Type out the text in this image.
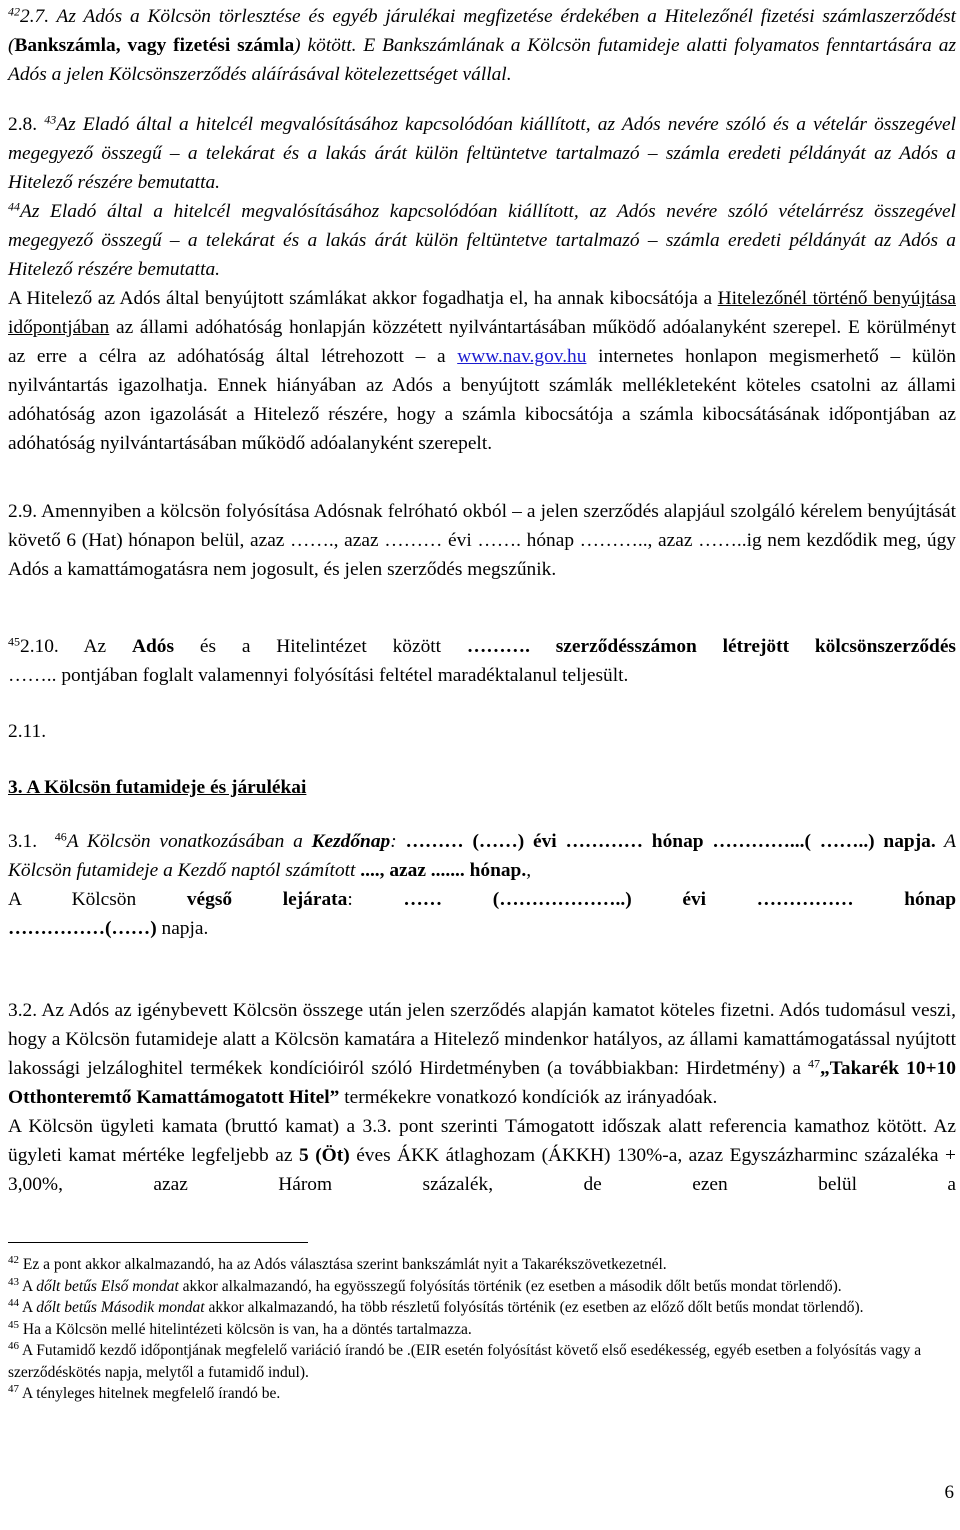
$^{42}$2.7. Az Adós a Kölcsön törlesztése és egyéb járulékai megfizetése érdekében a Hitelezőnél fizetési számlaszerződést (Bankszámla, vagy fizetési számla) kötött. E Bankszámlának a Kölcsön futamideje alatti folyamatos fenntartására az Adós a jelen Kölcsönszerződés aláírásával kötelezettséget vállal.

2.8. $^{43}$Az Eladó által a hitelcél megvalósításához kapcsolódóan kiállított, az Adós nevére szóló és a vételár összegével megegyező összegű – a telekárat és a lakás árát külön feltüntetve tartalmazó – számla eredeti példányát az Adós a Hitelező részére bemutatta.

$^{44}$Az Eladó által a hitelcél megvalósításához kapcsolódóan kiállított, az Adós nevére szóló vételárrész összegével megegyező összegű – a telekárat és a lakás árát külön feltüntetve tartalmazó – számla eredeti példányát az Adós a Hitelező részére bemutatta.

A Hitelező az Adós által benyújtott számlákat akkor fogadhatja el, ha annak kibocsátója a Hitelezőnél történő benyújtása időpontjában az állami adóhatóság honlapján közzétett nyilvántartásában működő adóalanyként szerepel. E körülményt az erre a célra az adóhatóság által létrehozott – a www.nav.gov.hu internetes honlapon megismerhető – külön nyilvántartás igazolhatja. Ennek hiányában az Adós a benyújtott számlák mellékleteként köteles csatolni az állami adóhatóság azon igazolását a Hitelező részére, hogy a számla kibocsátója a számla kibocsátásának időpontjában az adóhatóság nyilvántartásában működő adóalanyként szerepelt.

2.9. Amennyiben a kölcsön folyósítása Adósnak felróható okból – a jelen szerződés alapjául szolgáló kérelem benyújtását követő 6 (Hat) hónapon belül, azaz ……., azaz ……… évi ……. hónap ……….., azaz ……..ig nem kezdődik meg, úgy Adós a kamattámogatásra nem jogosult, és jelen szerződés megszűnik.

$^{45}$2.10. Az Adós és a Hitelintézet között ………. szerződésszámon létrejött kölcsönszerződés

…….. pontjában foglalt valamennyi folyósítási feltétel maradéktalanul teljesült.

2.11.

3. A Kölcsön futamideje és járulékai

3.1. $^{46}$A Kölcsön vonatkozásában a Kezdőnap: ……… (……) évi ………… hónap …………...( ……..) napja. A Kölcsön futamideje a Kezdő naptól számított ...., azaz ....... hónap.,

A Kölcsön végső lejárata: …… (………………..) évi …………… hónap

……………(……) napja.

3.2. Az Adós az igénybevett Kölcsön összege után jelen szerződés alapján kamatot köteles fizetni. Adós tudomásul veszi, hogy a Kölcsön futamideje alatt a Kölcsön kamatára a Hitelező mindenkor hatályos, az állami kamattámogatással nyújtott lakossági jelzáloghitel termékek kondícióiról szóló Hirdetményben (a továbbiakban: Hirdetmény) a $^{47}$„Takarék 10+10 Otthonteremtő Kamattámogatott Hitel” termékekre vonatkozó kondíciók az irányadóak.

A Kölcsön ügyleti kamata (bruttó kamat) a 3.3. pont szerinti Támogatott időszak alatt referencia kamathoz kötött. Az ügyleti kamat mértéke legfeljebb az 5 (Öt) éves ÁKK átlaghozam (ÁKKH) 130%-a, azaz Egyszázharminc százaléka + 3,00%, azaz Három százalék, de ezen belül a

$^{42}$ Ez a pont akkor alkalmazandó, ha az Adós választása szerint bankszámlát nyit a Takarékszövetkezetnél.

$^{43}$ A dőlt betűs Első mondat akkor alkalmazandó, ha egyösszegű folyósítás történik (ez esetben a második dőlt betűs mondat törlendő).

$^{44}$ A dőlt betűs Második mondat akkor alkalmazandó, ha több részletű folyósítás történik (ez esetben az előző dőlt betűs mondat törlendő).

$^{45}$ Ha a Kölcsön mellé hitelintézeti kölcsön is van, ha a döntés tartalmazza.

$^{46}$ A Futamidő kezdő időpontjának megfelelő variáció írandó be .(EIR esetén folyósítást követő első esedékesség, egyéb esetben a folyósítás vagy a szerződéskötés napja, melytől a futamidő indul).

$^{47}$ A tényleges hitelnek megfelelő írandó be.

6
